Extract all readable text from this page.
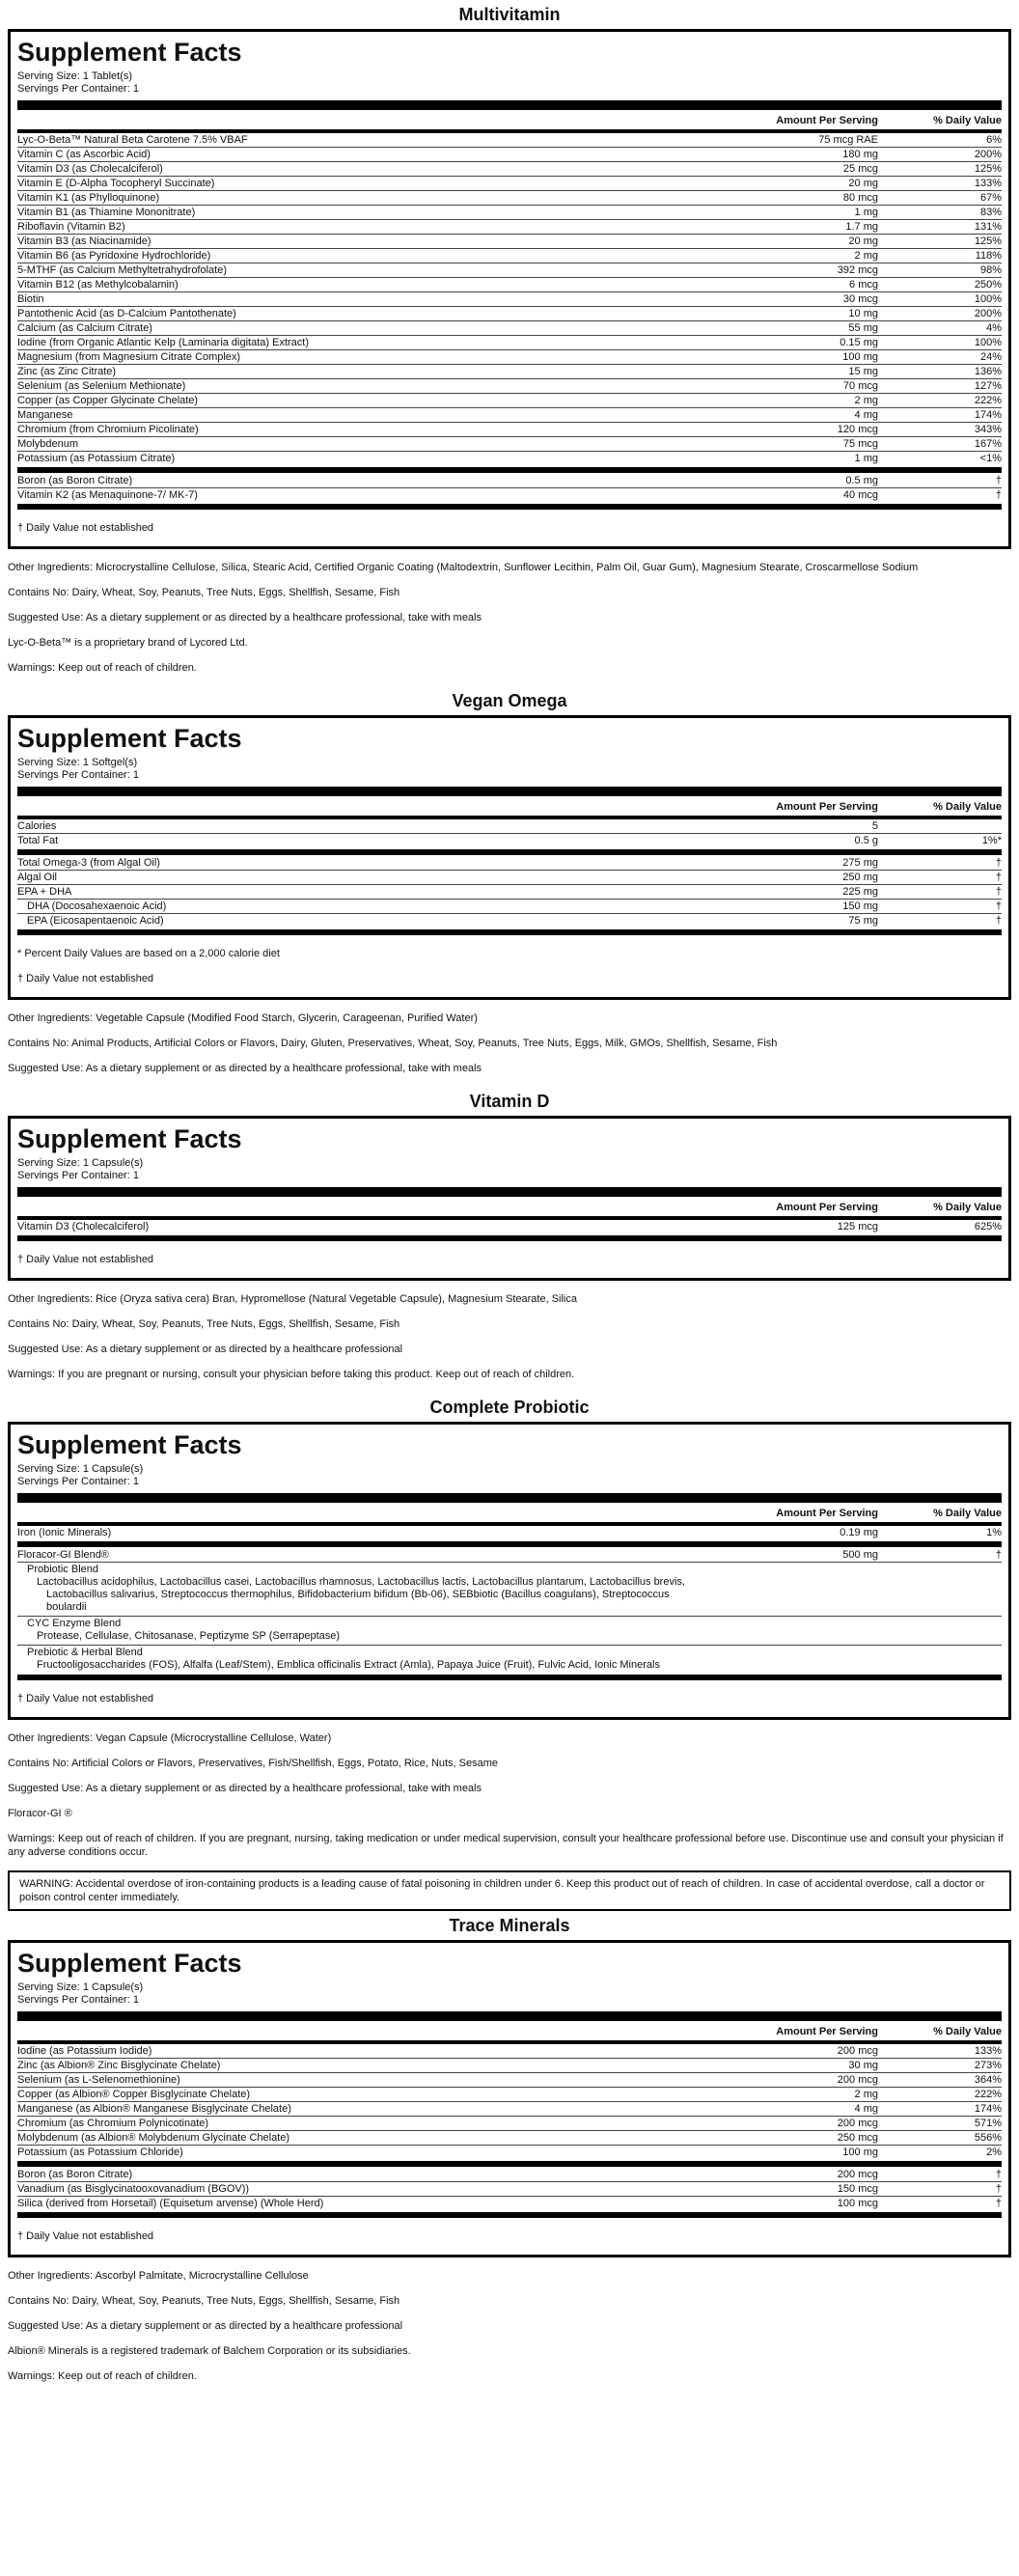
Multivitamin
Supplement Facts
Serving Size: 1 Tablet(s)
Servings Per Container: 1
Amount Per Serving	% Daily Value
Lyc-O-Beta™ Natural Beta Carotene 7.5% VBAF	75 mcg RAE	6%
Vitamin C (as Ascorbic Acid)	180 mg	200%
Vitamin D3 (as Cholecalciferol)	25 mcg	125%
Vitamin E (D-Alpha Tocopheryl Succinate)	20 mg	133%
Vitamin K1 (as Phylloquinone)	80 mcg	67%
Vitamin B1 (as Thiamine Mononitrate)	1 mg	83%
Riboflavin (Vitamin B2)	1.7 mg	131%
Vitamin B3 (as Niacinamide)	20 mg	125%
Vitamin B6 (as Pyridoxine Hydrochloride)	2 mg	118%
5-MTHF (as Calcium Methyltetrahydrofolate)	392 mcg	98%
Vitamin B12 (as Methylcobalamin)	6 mcg	250%
Biotin	30 mcg	100%
Pantothenic Acid (as D-Calcium Pantothenate)	10 mg	200%
Calcium (as Calcium Citrate)	55 mg	4%
Iodine (from Organic Atlantic Kelp (Laminaria digitata) Extract)	0.15 mg	100%
Magnesium (from Magnesium Citrate Complex)	100 mg	24%
Zinc (as Zinc Citrate)	15 mg	136%
Selenium (as Selenium Methionate)	70 mcg	127%
Copper (as Copper Glycinate Chelate)	2 mg	222%
Manganese	4 mg	174%
Chromium (from Chromium Picolinate)	120 mcg	343%
Molybdenum	75 mcg	167%
Potassium (as Potassium Citrate)	1 mg	<1%
Boron (as Boron Citrate)	0.5 mg	†
Vitamin K2 (as Menaquinone-7/ MK-7)	40 mcg	†
† Daily Value not established

Other Ingredients: Microcrystalline Cellulose, Silica, Stearic Acid, Certified Organic Coating (Maltodextrin, Sunflower Lecithin, Palm Oil, Guar Gum), Magnesium Stearate, Croscarmellose Sodium

Contains No: Dairy, Wheat, Soy, Peanuts, Tree Nuts, Eggs, Shellfish, Sesame, Fish

Suggested Use: As a dietary supplement or as directed by a healthcare professional, take with meals

Lyc-O-Beta™ is a proprietary brand of Lycored Ltd.

Warnings: Keep out of reach of children.

Vegan Omega
Supplement Facts
Serving Size: 1 Softgel(s)
Servings Per Container: 1
Amount Per Serving	% Daily Value
Calories	5
Total Fat	0.5 g	1%*
Total Omega-3 (from Algal Oil)	275 mg	†
Algal Oil	250 mg	†
EPA + DHA	225 mg	†
DHA (Docosahexaenoic Acid)	150 mg	†
EPA (Eicosapentaenoic Acid)	75 mg	†
* Percent Daily Values are based on a 2,000 calorie diet
† Daily Value not established

Other Ingredients: Vegetable Capsule (Modified Food Starch, Glycerin, Carageenan, Purified Water)

Contains No: Animal Products, Artificial Colors or Flavors, Dairy, Gluten, Preservatives, Wheat, Soy, Peanuts, Tree Nuts, Eggs, Milk, GMOs, Shellfish, Sesame, Fish

Suggested Use: As a dietary supplement or as directed by a healthcare professional, take with meals

Vitamin D
Supplement Facts
Serving Size: 1 Capsule(s)
Servings Per Container: 1
Amount Per Serving	% Daily Value
Vitamin D3 (Cholecalciferol)	125 mcg	625%
† Daily Value not established

Other Ingredients: Rice (Oryza sativa cera) Bran, Hypromellose (Natural Vegetable Capsule), Magnesium Stearate, Silica

Contains No: Dairy, Wheat, Soy, Peanuts, Tree Nuts, Eggs, Shellfish, Sesame, Fish

Suggested Use: As a dietary supplement or as directed by a healthcare professional

Warnings: If you are pregnant or nursing, consult your physician before taking this product. Keep out of reach of children.

Complete Probiotic
Supplement Facts
Serving Size: 1 Capsule(s)
Servings Per Container: 1
Amount Per Serving	% Daily Value
Iron (Ionic Minerals)	0.19 mg	1%
Floracor-GI Blend®	500 mg	†
Probiotic Blend
Lactobacillus acidophilus, Lactobacillus casei, Lactobacillus rhamnosus, Lactobacillus lactis, Lactobacillus plantarum, Lactobacillus brevis, Lactobacillus salivarius, Streptococcus thermophilus, Bifidobacterium bifidum (Bb-06), SEBbiotic (Bacillus coagulans), Streptococcus boulardii
CYC Enzyme Blend
Protease, Cellulase, Chitosanase, Peptizyme SP (Serrapeptase)
Prebiotic & Herbal Blend
Fructooligosaccharides (FOS), Alfalfa (Leaf/Stem), Emblica officinalis Extract (Amla), Papaya Juice (Fruit), Fulvic Acid, Ionic Minerals
† Daily Value not established

Other Ingredients: Vegan Capsule (Microcrystalline Cellulose, Water)

Contains No: Artificial Colors or Flavors, Preservatives, Fish/Shellfish, Eggs, Potato, Rice, Nuts, Sesame

Suggested Use: As a dietary supplement or as directed by a healthcare professional, take with meals

Floracor-GI ®

Warnings: Keep out of reach of children. If you are pregnant, nursing, taking medication or under medical supervision, consult your healthcare professional before use. Discontinue use and consult your physician if any adverse conditions occur.

WARNING: Accidental overdose of iron-containing products is a leading cause of fatal poisoning in children under 6. Keep this product out of reach of children. In case of accidental overdose, call a doctor or poison control center immediately.
Trace Minerals
Supplement Facts
Serving Size: 1 Capsule(s)
Servings Per Container: 1
Amount Per Serving	% Daily Value
Iodine (as Potassium Iodide)	200 mcg	133%
Zinc (as Albion® Zinc Bisglycinate Chelate)	30 mg	273%
Selenium (as L-Selenomethionine)	200 mcg	364%
Copper (as Albion® Copper Bisglycinate Chelate)	2 mg	222%
Manganese (as Albion® Manganese Bisglycinate Chelate)	4 mg	174%
Chromium (as Chromium Polynicotinate)	200 mcg	571%
Molybdenum (as Albion® Molybdenum Glycinate Chelate)	250 mcg	556%
Potassium (as Potassium Chloride)	100 mg	2%
Boron (as Boron Citrate)	200 mcg	†
Vanadium (as Bisglycinatooxovanadium (BGOV))	150 mcg	†
Silica (derived from Horsetail) (Equisetum arvense) (Whole Herd)	100 mcg	†
† Daily Value not established

Other Ingredients: Ascorbyl Palmitate, Microcrystalline Cellulose

Contains No: Dairy, Wheat, Soy, Peanuts, Tree Nuts, Eggs, Shellfish, Sesame, Fish

Suggested Use: As a dietary supplement or as directed by a healthcare professional

Albion® Minerals is a registered trademark of Balchem Corporation or its subsidiaries.

Warnings: Keep out of reach of children.
